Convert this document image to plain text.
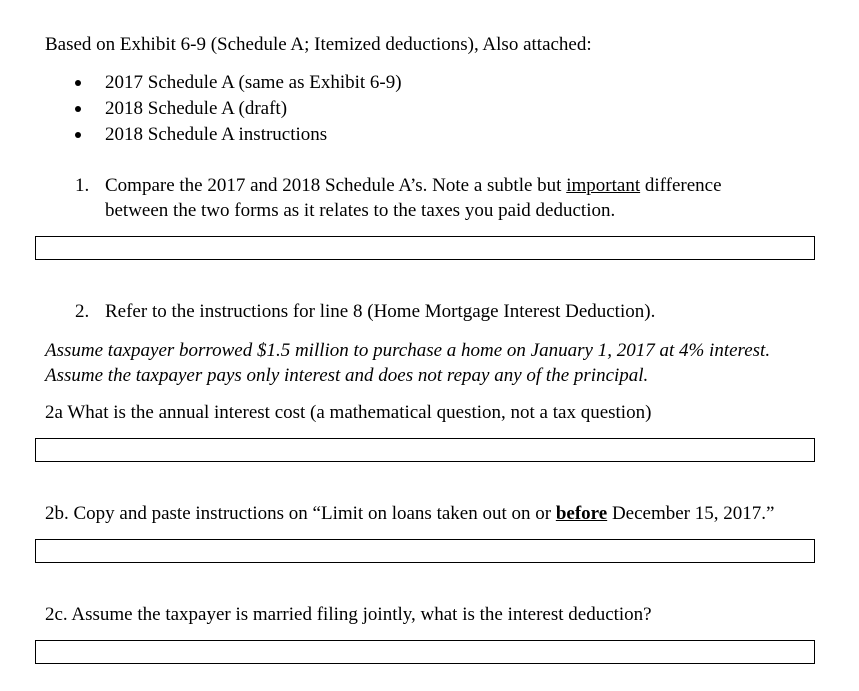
Based on Exhibit 6-9 (Schedule A; Itemized deductions), Also attached:
2017 Schedule A (same as Exhibit 6-9)
2018 Schedule A (draft)
2018 Schedule A instructions
1. Compare the 2017 and 2018 Schedule A’s. Note a subtle but important difference
between the two forms as it relates to the taxes you paid deduction.
2. Refer to the instructions for line 8 (Home Mortgage Interest Deduction).
Assume taxpayer borrowed $1.5 million to purchase a home on January 1, 2017 at 4% interest.
Assume the taxpayer pays only interest and does not repay any of the principal.
2a What is the annual interest cost (a mathematical question, not a tax question)
2b. Copy and paste instructions on “Limit on loans taken out on or before December 15, 2017.”
2c. Assume the taxpayer is married filing jointly, what is the interest deduction?
